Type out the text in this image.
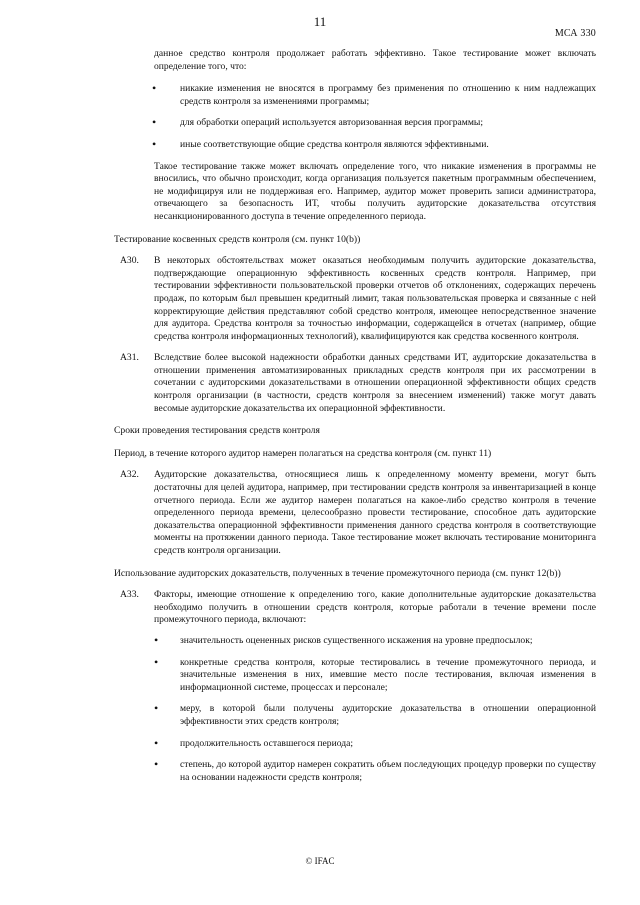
11
МСА 330

данное средство контроля продолжает работать эффективно. Такое тестирование может включать определение того, что:

• никакие изменения не вносятся в программу без применения по отношению к ним надлежащих средств контроля за изменениями программы;
• для обработки операций используется авторизованная версия программы;
• иные соответствующие общие средства контроля являются эффективными.

Такое тестирование также может включать определение того, что никакие изменения в программы не вносились, что обычно происходит, когда организация пользуется пакетным программным обеспечением, не модифицируя или не поддерживая его. Например, аудитор может проверить записи администратора, отвечающего за безопасность ИТ, чтобы получить аудиторские доказательства отсутствия несанкционированного доступа в течение определенного периода.

Тестирование косвенных средств контроля (см. пункт 10(b))
A30. В некоторых обстоятельствах может оказаться необходимым получить аудиторские доказательства, подтверждающие операционную эффективность косвенных средств контроля. Например, при тестировании эффективности пользовательской проверки отчетов об отклонениях, содержащих перечень продаж, по которым был превышен кредитный лимит, такая пользовательская проверка и связанные с ней корректирующие действия представляют собой средство контроля, имеющее непосредственное значение для аудитора. Средства контроля за точностью информации, содержащейся в отчетах (например, общие средства контроля информационных технологий), квалифицируются как средства косвенного контроля.
A31. Вследствие более высокой надежности обработки данных средствами ИТ, аудиторские доказательства в отношении применения автоматизированных прикладных средств контроля при их рассмотрении в сочетании с аудиторскими доказательствами в отношении операционной эффективности общих средств контроля организации (в частности, средств контроля за внесением изменений) также могут давать весомые аудиторские доказательства их операционной эффективности.
Сроки проведения тестирования средств контроля
Период, в течение которого аудитор намерен полагаться на средства контроля (см. пункт 11)
A32. Аудиторские доказательства, относящиеся лишь к определенному моменту времени, могут быть достаточны для целей аудитора, например, при тестировании средств контроля за инвентаризацией в конце отчетного периода. Если же аудитор намерен полагаться на какое-либо средство контроля в течение определенного периода времени, целесообразно провести тестирование, способное дать аудиторские доказательства операционной эффективности применения данного средства контроля в соответствующие моменты на протяжении данного периода. Такое тестирование может включать тестирование мониторинга средств контроля организации.
Использование аудиторских доказательств, полученных в течение промежуточного периода (см. пункт 12(b))
A33. Факторы, имеющие отношение к определению того, какие дополнительные аудиторские доказательства необходимо получить в отношении средств контроля, которые работали в течение времени после промежуточного периода, включают:
• значительность оцененных рисков существенного искажения на уровне предпосылок;
• конкретные средства контроля, которые тестировались в течение промежуточного периода, и значительные изменения в них, имевшие место после тестирования, включая изменения в информационной системе, процессах и персонале;
• меру, в которой были получены аудиторские доказательства в отношении операционной эффективности этих средств контроля;
• продолжительность оставшегося периода;
• степень, до которой аудитор намерен сократить объем последующих процедур проверки по существу на основании надежности средств контроля;
© IFAC
